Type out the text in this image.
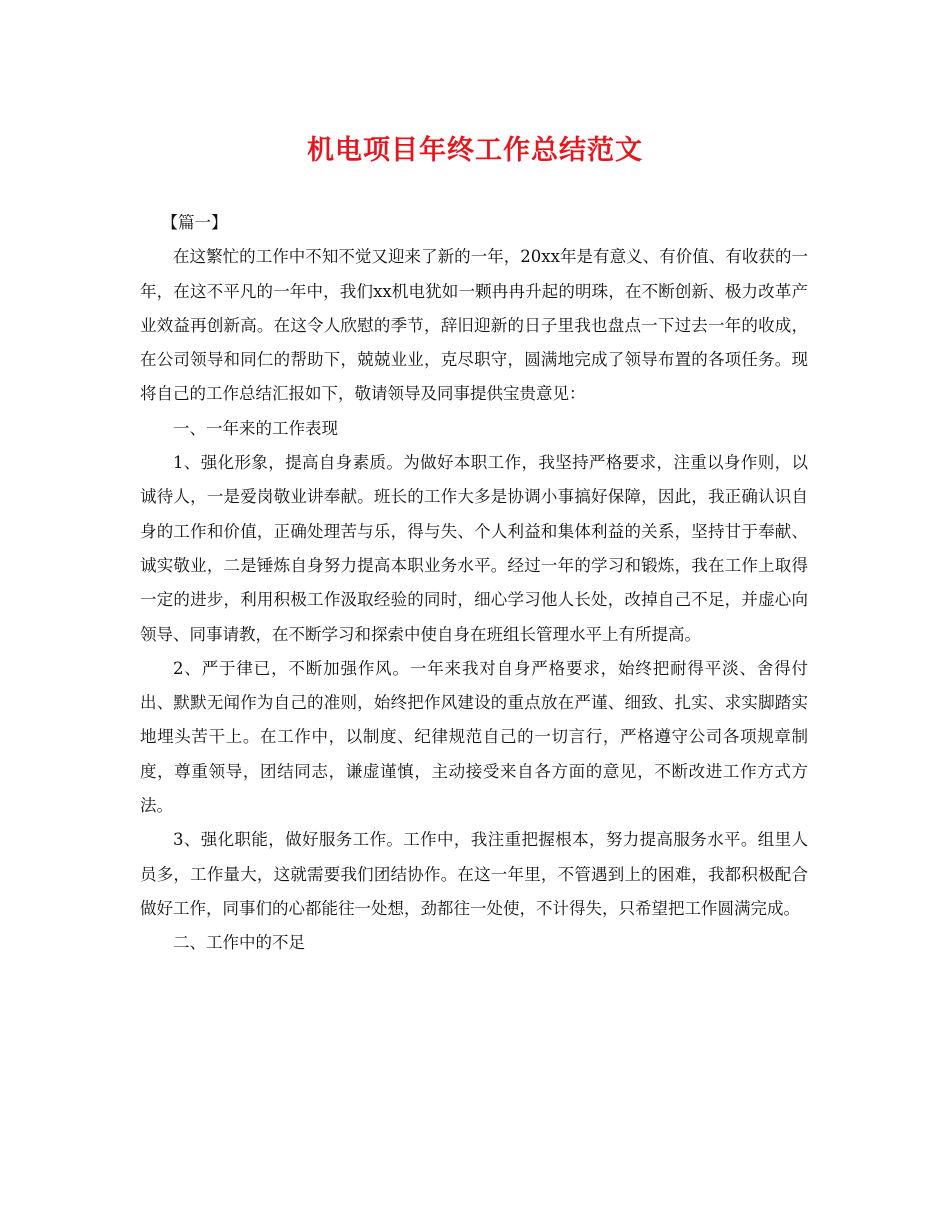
机电项目年终工作总结范文

【篇一】

在这繁忙的工作中不知不觉又迎来了新的一年，20xx年是有意义、有价值、有收获的一年，在这不平凡的一年中，我们xx机电犹如一颗冉冉升起的明珠，在不断创新、极力改革产业效益再创新高。在这令人欣慰的季节，辞旧迎新的日子里我也盘点一下过去一年的收成，在公司领导和同仁的帮助下，兢兢业业，克尽职守，圆满地完成了领导布置的各项任务。现将自己的工作总结汇报如下，敬请领导及同事提供宝贵意见：

一、一年来的工作表现

1、强化形象，提高自身素质。为做好本职工作，我坚持严格要求，注重以身作则，以诚待人，一是爱岗敬业讲奉献。班长的工作大多是协调小事搞好保障，因此，我正确认识自身的工作和价值，正确处理苦与乐，得与失、个人利益和集体利益的关系，坚持甘于奉献、诚实敬业，二是锤炼自身努力提高本职业务水平。经过一年的学习和锻炼，我在工作上取得一定的进步，利用积极工作汲取经验的同时，细心学习他人长处，改掉自己不足，并虚心向领导、同事请教，在不断学习和探索中使自身在班组长管理水平上有所提高。

2、严于律已，不断加强作风。一年来我对自身严格要求，始终把耐得平淡、舍得付出、默默无闻作为自己的准则，始终把作风建设的重点放在严谨、细致、扎实、求实脚踏实地埋头苦干上。在工作中，以制度、纪律规范自己的一切言行，严格遵守公司各项规章制度，尊重领导，团结同志，谦虚谨慎，主动接受来自各方面的意见，不断改进工作方式方法。

3、强化职能，做好服务工作。工作中，我注重把握根本，努力提高服务水平。组里人员多，工作量大，这就需要我们团结协作。在这一年里，不管遇到上的困难，我都积极配合做好工作，同事们的心都能往一处想，劲都往一处使，不计得失，只希望把工作圆满完成。

二、工作中的不足
